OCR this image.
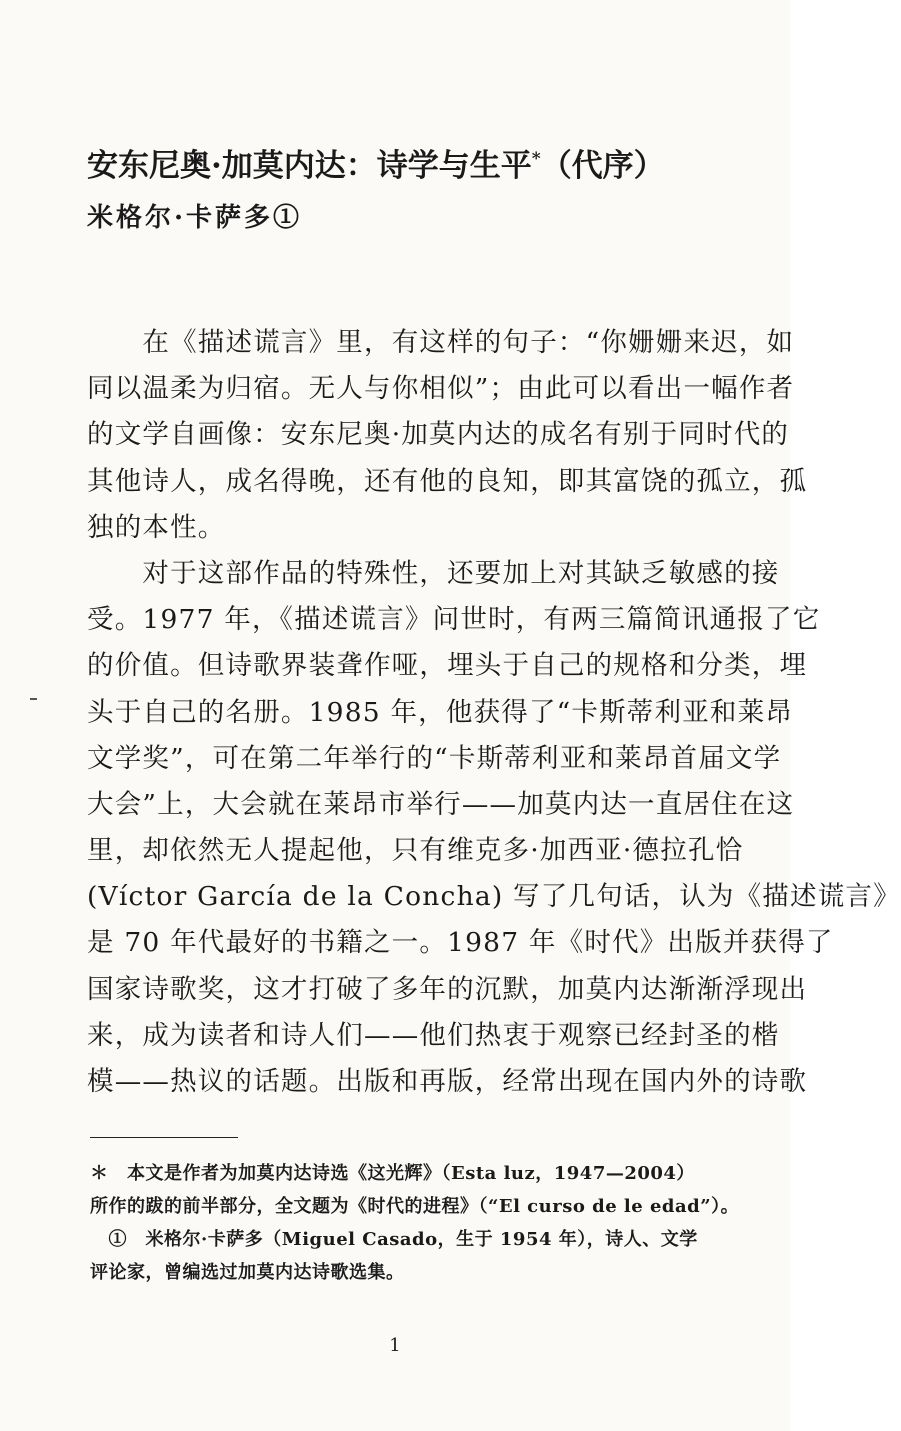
安东尼奥·加莫内达：诗学与生平*（代序）
米格尔·卡萨多①
　　在《描述谎言》里，有这样的句子：“你姗姗来迟，如
同以温柔为归宿。无人与你相似”；由此可以看出一幅作者
的文学自画像：安东尼奥·加莫内达的成名有别于同时代的
其他诗人，成名得晚，还有他的良知，即其富饶的孤立，孤
独的本性。
　　对于这部作品的特殊性，还要加上对其缺乏敏感的接
受。1977 年，《描述谎言》问世时，有两三篇简讯通报了它
的价值。但诗歌界装聋作哑，埋头于自己的规格和分类，埋
头于自己的名册。1985 年，他获得了“卡斯蒂利亚和莱昂
文学奖”，可在第二年举行的“卡斯蒂利亚和莱昂首届文学
大会”上，大会就在莱昂市举行——加莫内达一直居住在这
里，却依然无人提起他，只有维克多·加西亚·德拉孔恰
(Víctor García de la Concha) 写了几句话，认为《描述谎言》
是 70 年代最好的书籍之一。1987 年《时代》出版并获得了
国家诗歌奖，这才打破了多年的沉默，加莫内达渐渐浮现出
来，成为读者和诗人们——他们热衷于观察已经封圣的楷
模——热议的话题。出版和再版，经常出现在国内外的诗歌
＊　本文是作者为加莫内达诗选《这光辉》（Esta luz，1947—2004）
所作的跋的前半部分，全文题为《时代的进程》（“El curso de le edad”）。
　①　米格尔·卡萨多（Miguel Casado，生于 1954 年），诗人、文学
评论家，曾编选过加莫内达诗歌选集。
1
